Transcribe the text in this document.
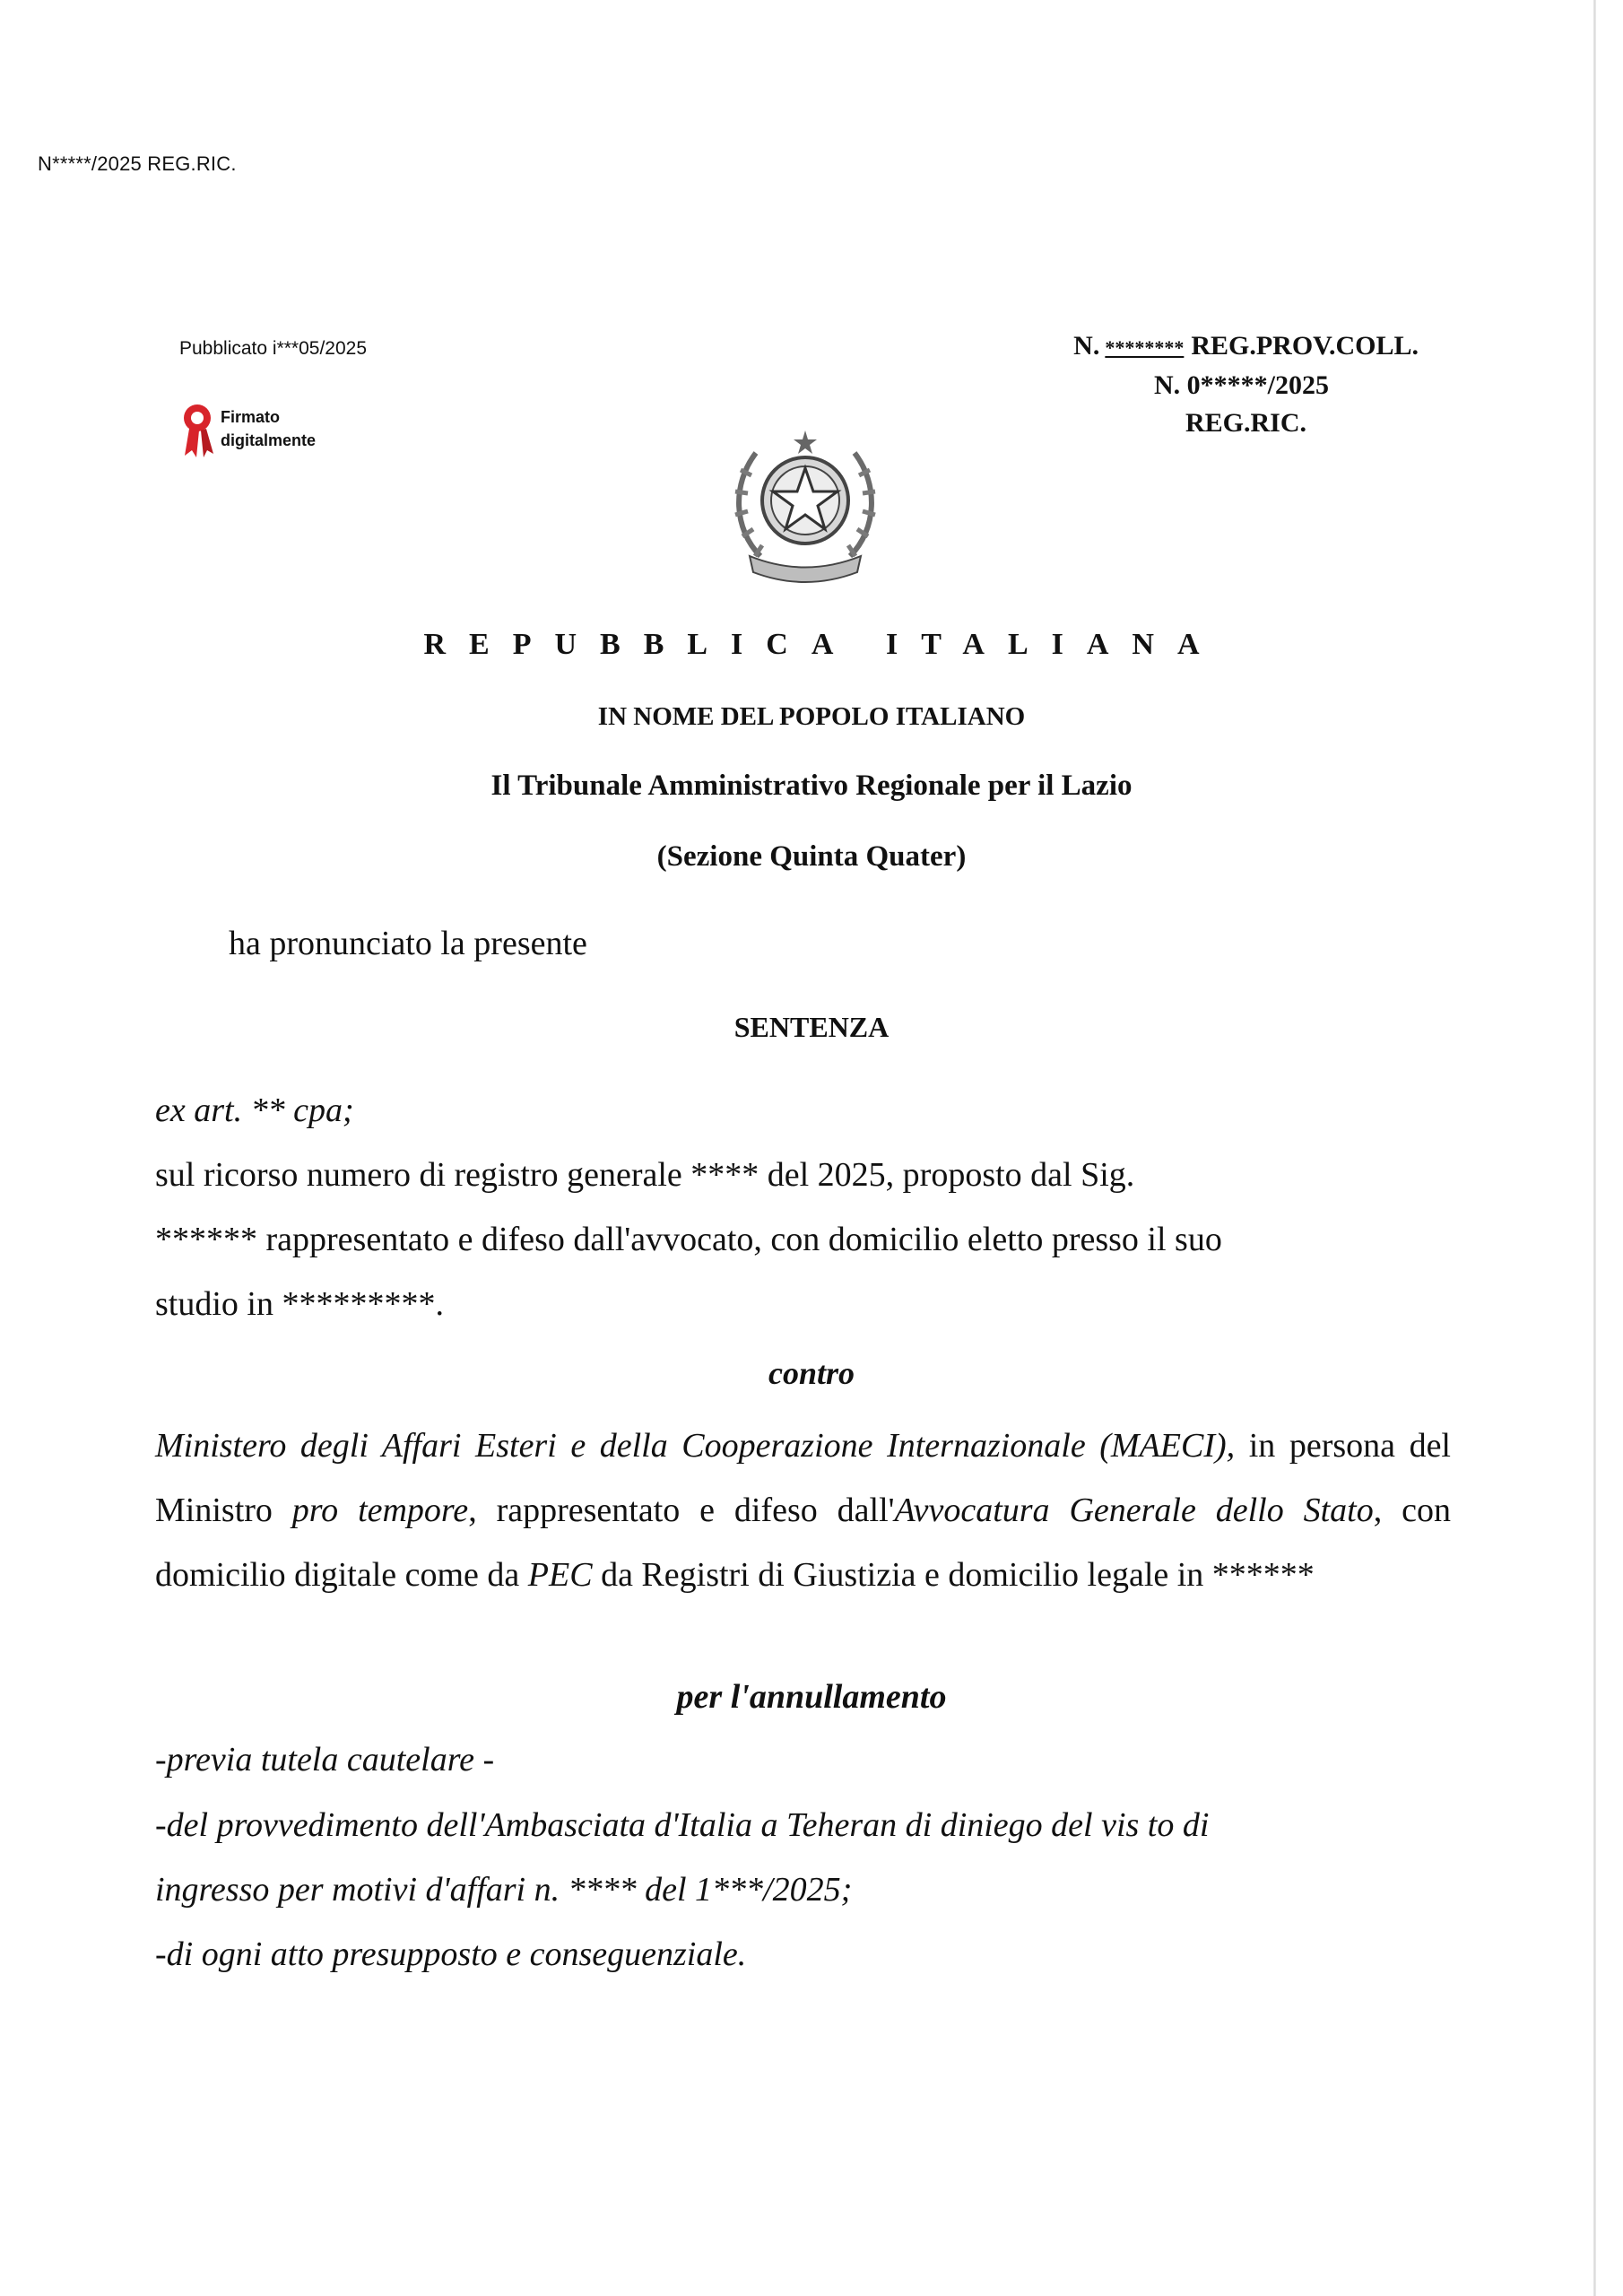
N*****/2025 REG.RIC.
Pubblicato i***05/2025
Firmato
digitalmente
N. ******** REG.PROV.COLL.
N. 0*****/2025
REG.RIC.
REPUBBLICA ITALIANA
IN NOME DEL POPOLO ITALIANO
Il Tribunale Amministrativo Regionale per il Lazio
(Sezione Quinta Quater)
ha pronunciato la presente
SENTENZA
ex art. ** cpa;
sul ricorso numero di registro generale **** del 2025, proposto dal Sig.
****** rappresentato e difeso dall'avvocato, con domicilio eletto presso il suo
studio in *********.
contro
Ministero degli Affari Esteri e della Cooperazione Internazionale (MAECI), in persona del Ministro pro tempore, rappresentato e difeso dall'Avvocatura Generale dello Stato, con domicilio digitale come da PEC da Registri di Giustizia e domicilio legale in ******
per l'annullamento
-previa tutela cautelare -
-del provvedimento dell'Ambasciata d'Italia a Teheran di diniego del vis to di
ingresso per motivi d'affari n. **** del 1***/2025;
-di ogni atto presupposto e conseguenziale.
